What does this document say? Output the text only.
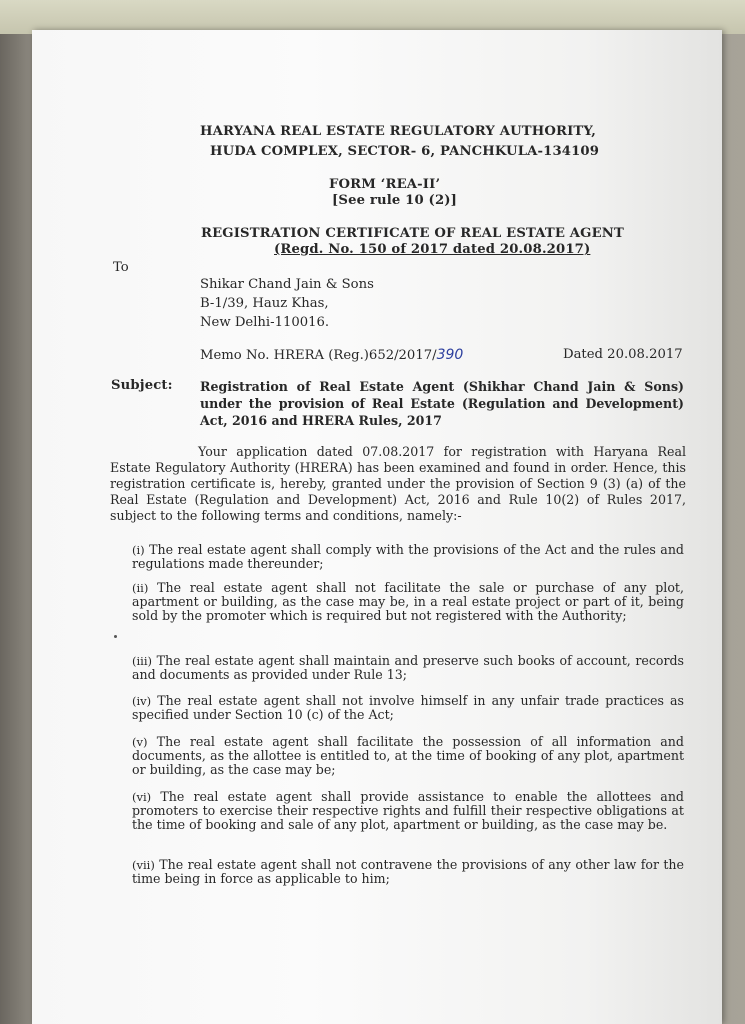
HARYANA REAL ESTATE REGULATORY AUTHORITY,
HUDA COMPLEX, SECTOR- 6, PANCHKULA-134109
FORM ‘REA-II’
[See rule 10 (2)]
REGISTRATION CERTIFICATE OF REAL ESTATE AGENT
(Regd. No. 150 of 2017 dated 20.08.2017)
To
Shikar Chand Jain & Sons
B-1/39, Hauz Khas,
New Delhi-110016.
Memo No. HRERA (Reg.)652/2017/390	Dated 20.08.2017
Subject: Registration of Real Estate Agent (Shikhar Chand Jain & Sons) under the provision of Real Estate (Regulation and Development) Act, 2016 and HRERA Rules, 2017
Your application dated 07.08.2017 for registration with Haryana Real Estate Regulatory Authority (HRERA) has been examined and found in order. Hence, this registration certificate is, hereby, granted under the provision of Section 9 (3) (a) of the Real Estate (Regulation and Development) Act, 2016 and Rule 10(2) of Rules 2017, subject to the following terms and conditions, namely:-
(i) The real estate agent shall comply with the provisions of the Act and the rules and regulations made thereunder;
(ii) The real estate agent shall not facilitate the sale or purchase of any plot, apartment or building, as the case may be, in a real estate project or part of it, being sold by the promoter which is required but not registered with the Authority;
(iii) The real estate agent shall maintain and preserve such books of account, records and documents as provided under Rule 13;
(iv) The real estate agent shall not involve himself in any unfair trade practices as specified under Section 10 (c) of the Act;
(v) The real estate agent shall facilitate the possession of all information and documents, as the allottee is entitled to, at the time of booking of any plot, apartment or building, as the case may be;
(vi) The real estate agent shall provide assistance to enable the allottees and promoters to exercise their respective rights and fulfill their respective obligations at the time of booking and sale of any plot, apartment or building, as the case may be.
(vii) The real estate agent shall not contravene the provisions of any other law for the time being in force as applicable to him;
